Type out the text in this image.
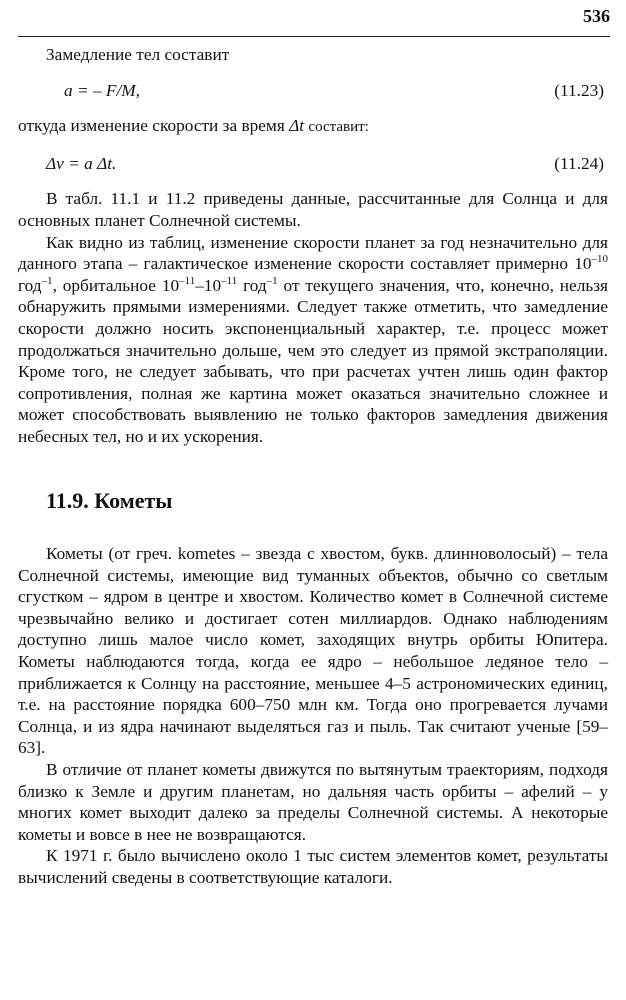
536

Замедление тел составит

a = – F/M,	(11.23)

откуда изменение скорости за время Δt составит:

Δv = a Δt.	(11.24)

В табл. 11.1 и 11.2 приведены данные, рассчитанные для Солнца и для основных планет Солнечной системы.

Как видно из таблиц, изменение скорости планет за год незначительно для данного этапа – галактическое изменение скорости составляет примерно $10^{-10}$ год$^{-1}$, орбитальное $10^{-11}-10^{-11}$ год$^{-1}$ от текущего значения, что, конечно, нельзя обнаружить прямыми измерениями. Следует также отметить, что замедление скорости должно носить экспоненциальный характер, т.е. процесс может продолжаться значительно дольше, чем это следует из прямой экстраполяции. Кроме того, не следует забывать, что при расчетах учтен лишь один фактор сопротивления, полная же картина может оказаться значительно сложнее и может способствовать выявлению не только факторов замедления движения небесных тел, но и их ускорения.

11.9. Кометы

Кометы (от греч. kometes – звезда с хвостом, букв. длинноволосый) – тела Солнечной системы, имеющие вид туманных объектов, обычно со светлым сгустком – ядром в центре и хвостом. Количество комет в Солнечной системе чрезвычайно велико и достигает сотен миллиардов. Однако наблюдениям доступно лишь малое число комет, заходящих внутрь орбиты Юпитера. Кометы наблюдаются тогда, когда ее ядро – небольшое ледяное тело – приближается к Солнцу на расстояние, меньшее 4–5 астрономических единиц, т.е. на расстояние порядка 600–750 млн км. Тогда оно прогревается лучами Солнца, и из ядра начинают выделяться газ и пыль. Так считают ученые [59–63].

В отличие от планет кометы движутся по вытянутым траекториям, подходя близко к Земле и другим планетам, но дальняя часть орбиты – афелий – у многих комет выходит далеко за пределы Солнечной системы. А некоторые кометы и вовсе в нее не возвращаются.

К 1971 г. было вычислено около 1 тыс систем элементов комет, результаты вычислений сведены в соответствующие каталоги.
